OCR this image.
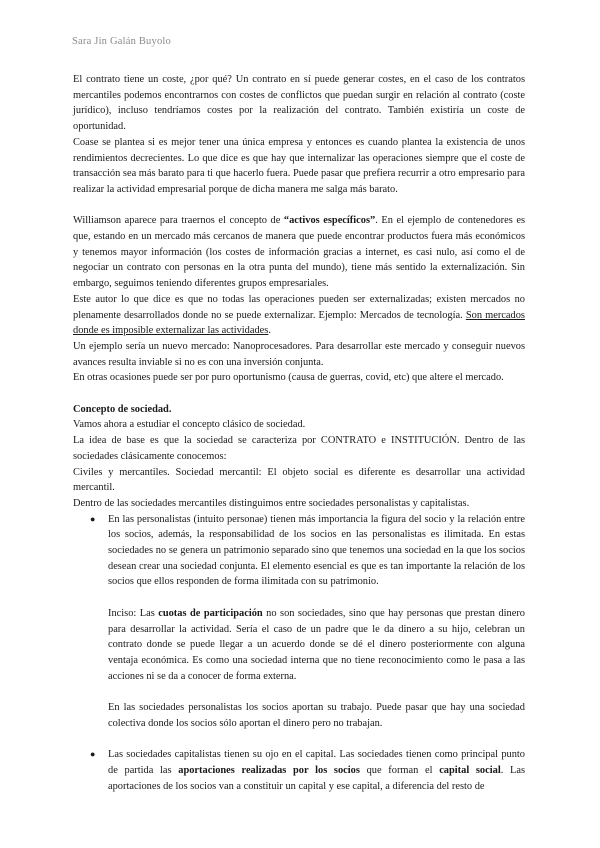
Sara Jin Galán Buyolo

El contrato tiene un coste, ¿por qué? Un contrato en sí puede generar costes, en el caso de los contratos mercantiles podemos encontrarnos con costes de conflictos que puedan surgir en relación al contrato (coste jurídico), incluso tendríamos costes por la realización del contrato. También existiría un coste de oportunidad.

Coase se plantea si es mejor tener una única empresa y entonces es cuando plantea la existencia de unos rendimientos decrecientes. Lo que dice es que hay que internalizar las operaciones siempre que el coste de transacción sea más barato para ti que hacerlo fuera. Puede pasar que prefiera recurrir a otro empresario para realizar la actividad empresarial porque de dicha manera me salga más barato.

Williamson aparece para traernos el concepto de “activos específicos”. En el ejemplo de contenedores es que, estando en un mercado más cercanos de manera que puede encontrar productos fuera más económicos y tenemos mayor información (los costes de información gracias a internet, es casi nulo, así como el de negociar un contrato con personas en la otra punta del mundo), tiene más sentido la externalización. Sin embargo, seguimos teniendo diferentes grupos empresariales.

Este autor lo que dice es que no todas las operaciones pueden ser externalizadas; existen mercados no plenamente desarrollados donde no se puede externalizar. Ejemplo: Mercados de tecnología. Son mercados donde es imposible externalizar las actividades.

Un ejemplo sería un nuevo mercado: Nanoprocesadores. Para desarrollar este mercado y conseguir nuevos avances resulta inviable si no es con una inversión conjunta.

En otras ocasiones puede ser por puro oportunismo (causa de guerras, covid, etc) que altere el mercado.

Concepto de sociedad.

Vamos ahora a estudiar el concepto clásico de sociedad.

La idea de base es que la sociedad se caracteriza por CONTRATO e INSTITUCIÓN. Dentro de las sociedades clásicamente conocemos:

Civiles y mercantiles. Sociedad mercantil: El objeto social es diferente es desarrollar una actividad mercantil.

Dentro de las sociedades mercantiles distinguimos entre sociedades personalistas y capitalistas.

● En las personalistas (intuito personae) tienen más importancia la figura del socio y la relación entre los socios, además, la responsabilidad de los socios en las personalistas es ilimitada. En estas sociedades no se genera un patrimonio separado sino que tenemos una sociedad en la que los socios desean crear una sociedad conjunta. El elemento esencial es que es tan importante la relación de los socios que ellos responden de forma ilimitada con su patrimonio.

Inciso: Las cuotas de participación no son sociedades, sino que hay personas que prestan dinero para desarrollar la actividad. Sería el caso de un padre que le da dinero a su hijo, celebran un contrato donde se puede llegar a un acuerdo donde se dé el dinero posteriormente con alguna ventaja económica. Es como una sociedad interna que no tiene reconocimiento como le pasa a las acciones ni se da a conocer de forma externa.

En las sociedades personalistas los socios aportan su trabajo. Puede pasar que hay una sociedad colectiva donde los socios sólo aportan el dinero pero no trabajan.

● Las sociedades capitalistas tienen su ojo en el capital. Las sociedades tienen como principal punto de partida las aportaciones realizadas por los socios que forman el capital social. Las aportaciones de los socios van a constituir un capital y ese capital, a diferencia del resto de
